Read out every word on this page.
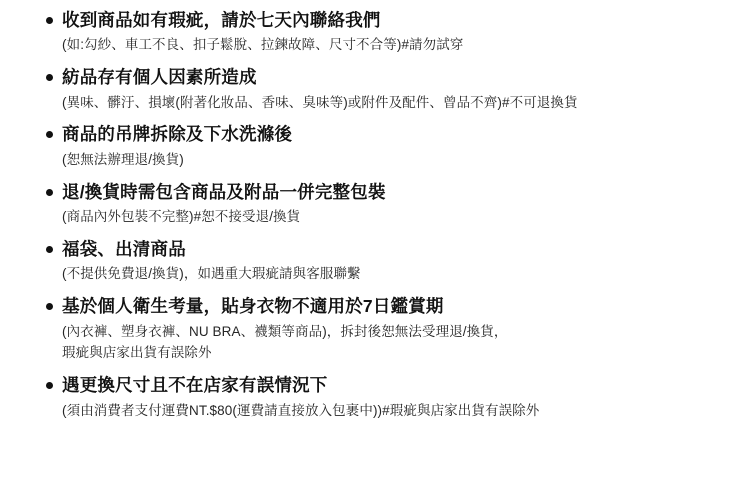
收到商品如有瑕疵，請於七天內聯絡我們
(如:勾紗、車工不良、扣子鬆脫、拉鍊故障、尺寸不合等)#請勿試穿
紡品存有個人因素所造成
(異味、髒汙、損壞(附著化妝品、香味、臭味等)或附件及配件、曾品不齊)#不可退換貨
商品的吊牌拆除及下水洗滌後
(恕無法辦理退/換貨)
退/換貨時需包含商品及附品一併完整包裝
(商品內外包裝不完整)#恕不接受退/換貨
福袋、出清商品
(不提供免費退/換貨)，如遇重大瑕疵請與客服聯繫
基於個人衛生考量，貼身衣物不適用於7日鑑賞期
(內衣褲、塑身衣褲、NU BRA、襪類等商品)，拆封後恕無法受理退/換貨，
瑕疵與店家出貨有誤除外
遇更換尺寸且不在店家有誤情況下
(須由消費者支付運費NT.$80(運費請直接放入包裹中))#瑕疵與店家出貨有誤除外
